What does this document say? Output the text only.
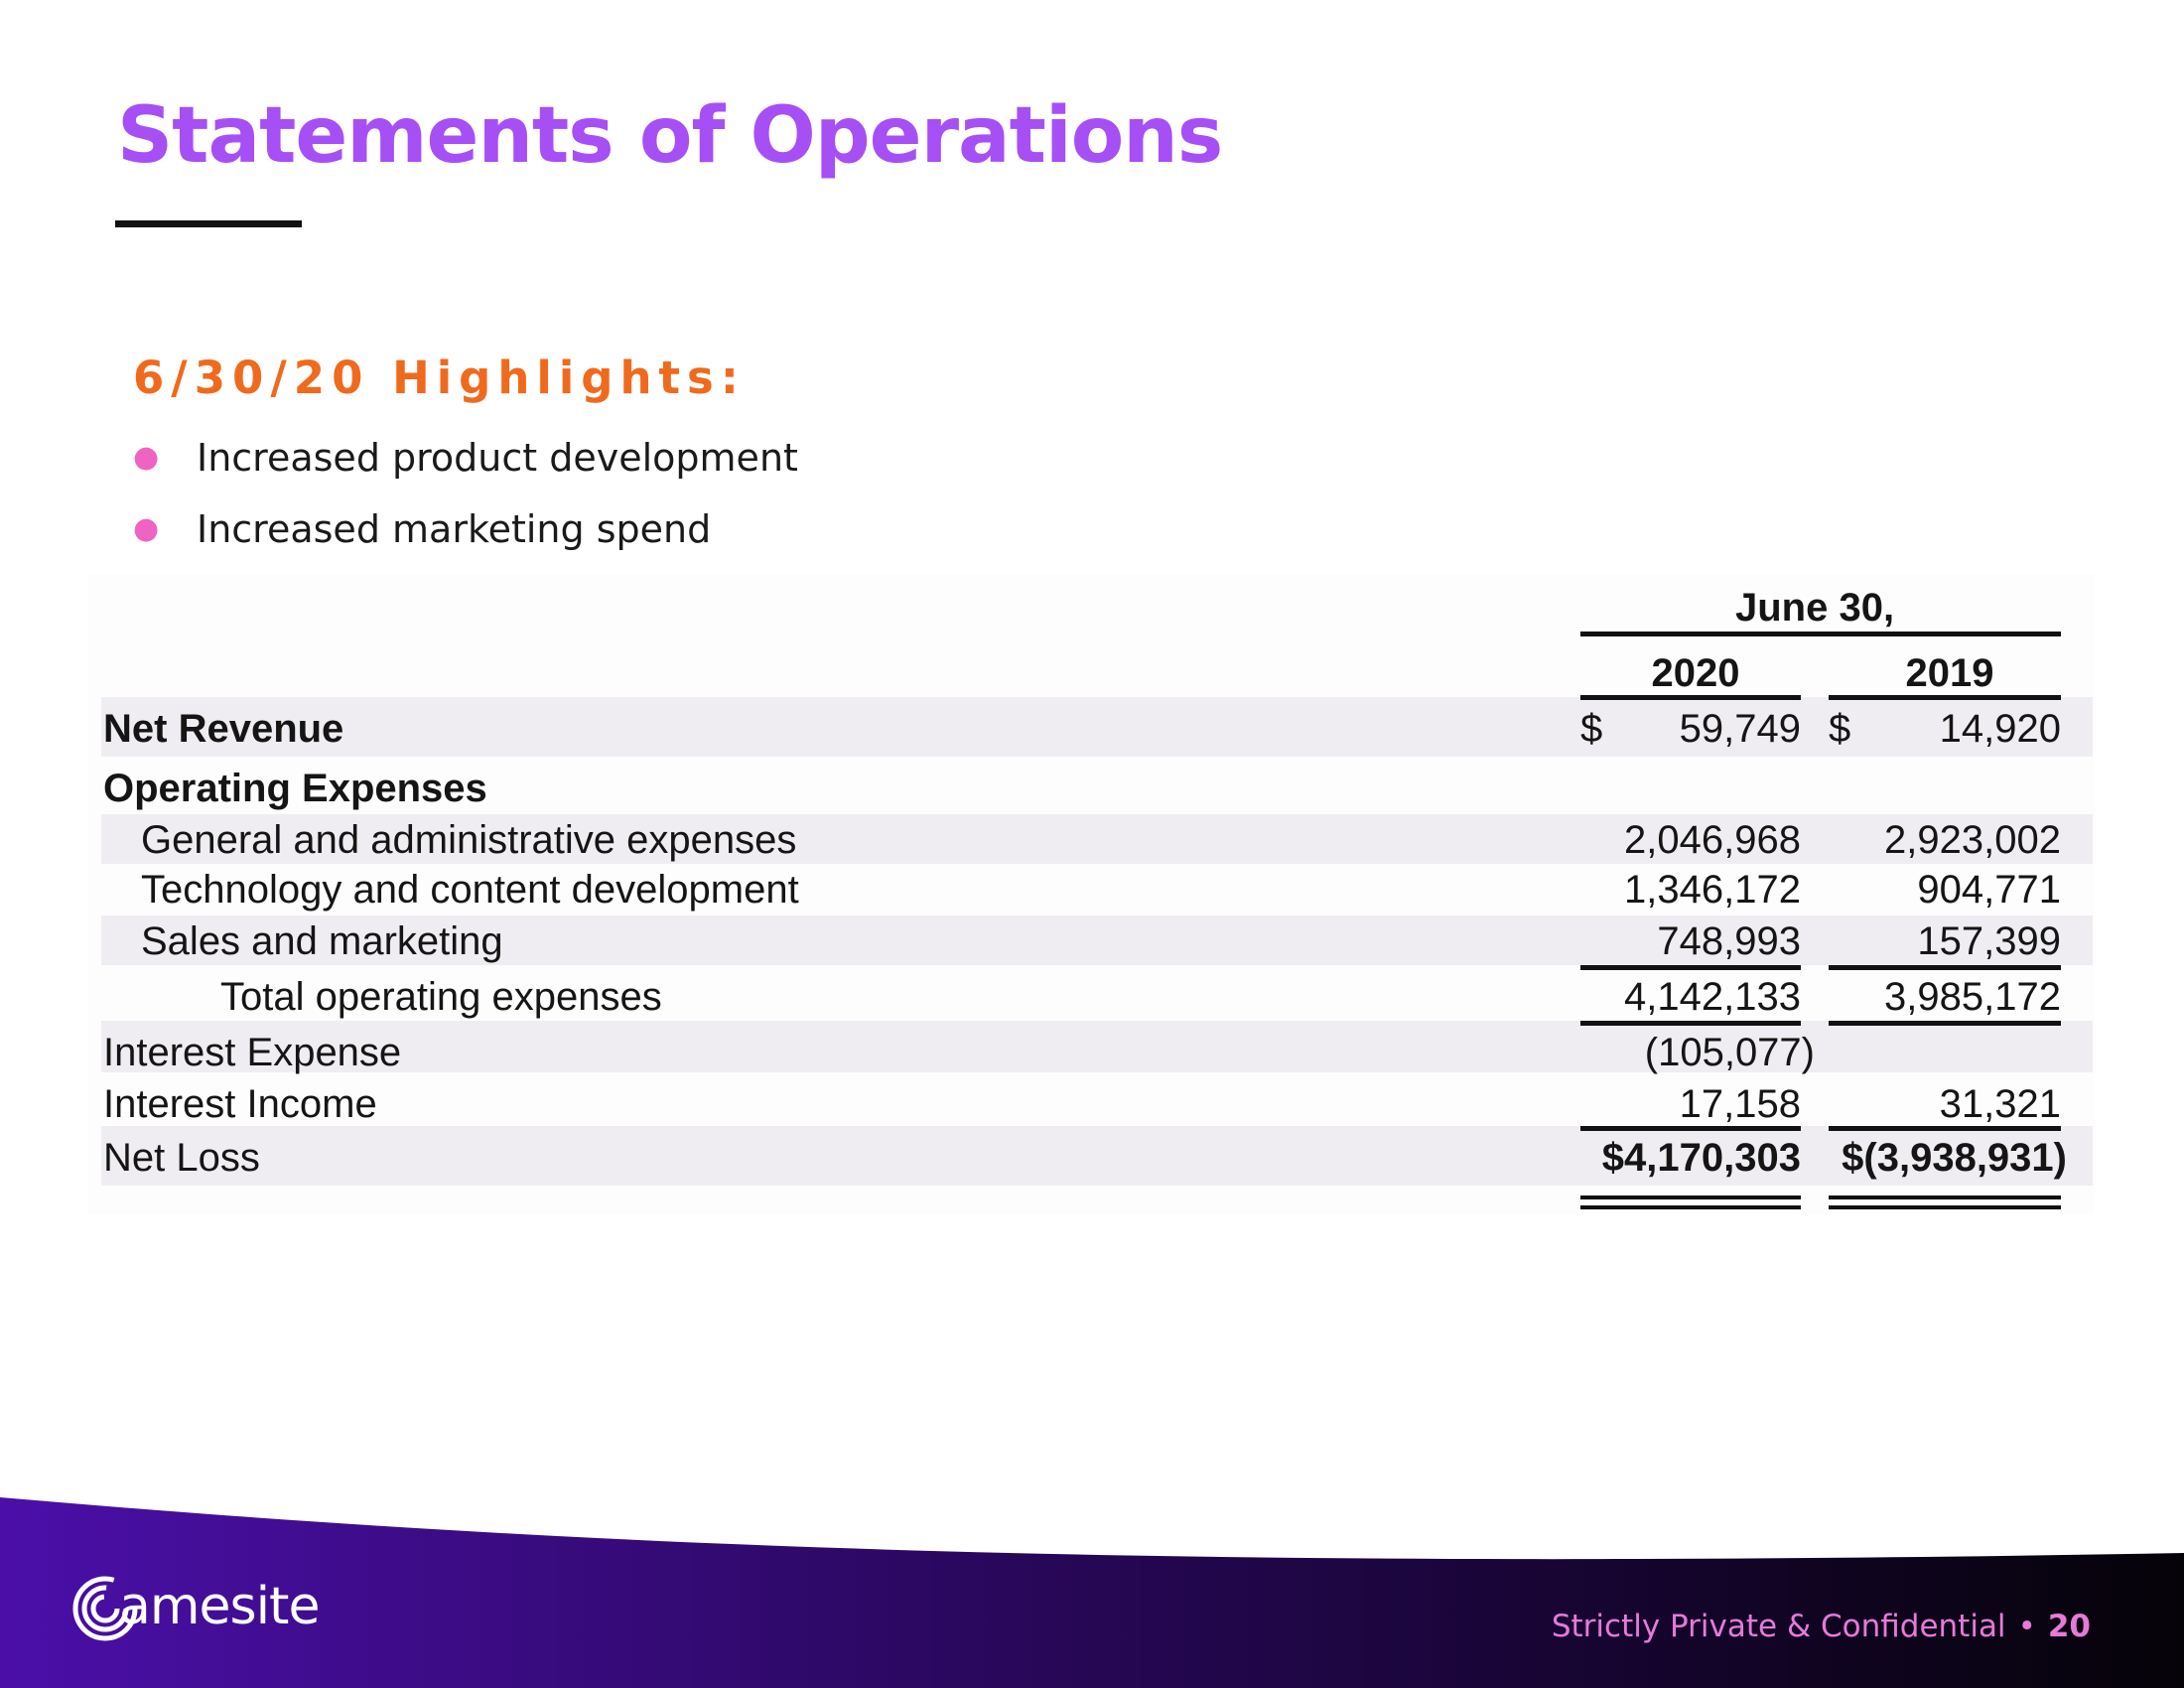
Statements of Operations
6/30/20 Highlights:
● Increased product development
● Increased marketing spend
June 30,
2020	2019
Net Revenue	$	59,749 $	14,920
Operating Expenses
General and administrative expenses	2,046,968	2,923,002
Technology and content development	1,346,172	904,771
Sales and marketing	748,993	157,399
Total operating expenses	4,142,133	3,985,172
Interest Expense	(105,077)
Interest Income	17,158	31,321
Net Loss	$4,170,303	$(3,938,931)
amesite	Strictly Private & Confidential • 20
